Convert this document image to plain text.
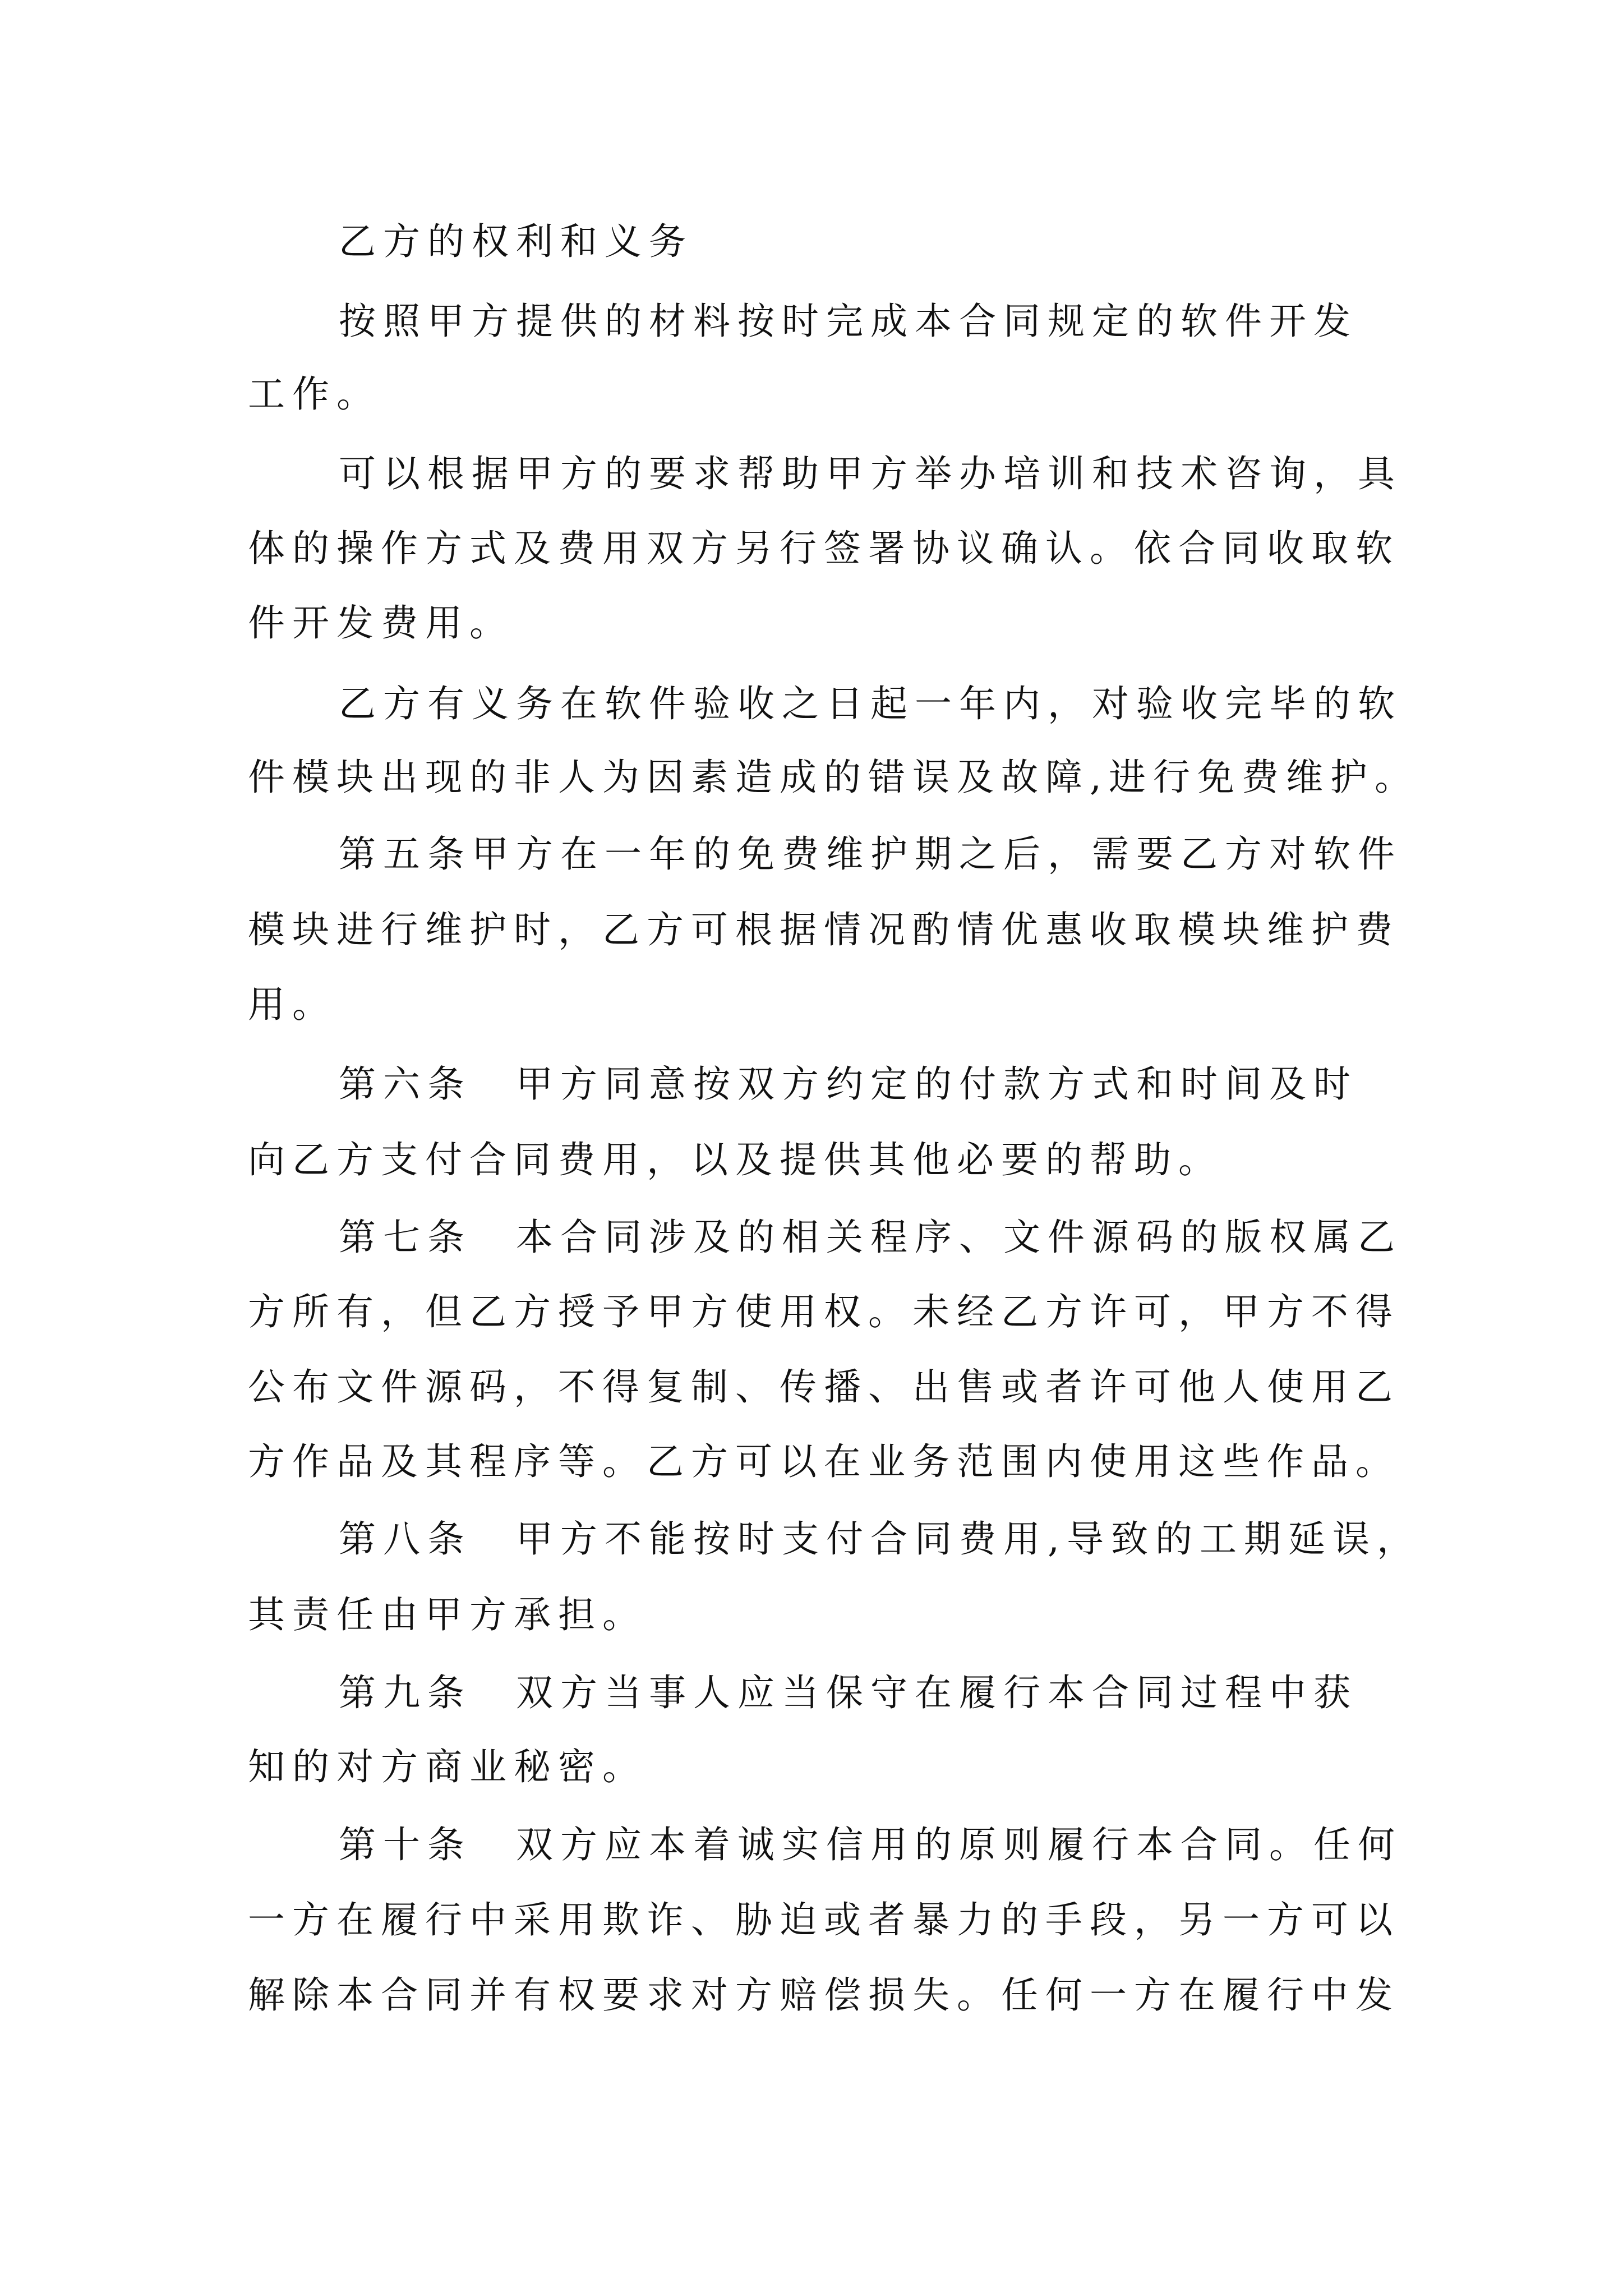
乙方的权利和义务
按照甲方提供的材料按时完成本合同规定的软件开发
工作。
可以根据甲方的要求帮助甲方举办培训和技术咨询，具
体的操作方式及费用双方另行签署协议确认。依合同收取软
件开发费用。
乙方有义务在软件验收之日起一年内，对验收完毕的软
件模块出现的非人为因素造成的错误及故障,进行免费维护。
第五条甲方在一年的免费维护期之后，需要乙方对软件
模块进行维护时，乙方可根据情况酌情优惠收取模块维护费
用。
第六条　甲方同意按双方约定的付款方式和时间及时
向乙方支付合同费用，以及提供其他必要的帮助。
第七条　本合同涉及的相关程序、文件源码的版权属乙
方所有，但乙方授予甲方使用权。未经乙方许可，甲方不得
公布文件源码，不得复制、传播、出售或者许可他人使用乙
方作品及其程序等。乙方可以在业务范围内使用这些作品。
第八条　甲方不能按时支付合同费用,导致的工期延误，
其责任由甲方承担。
第九条　双方当事人应当保守在履行本合同过程中获
知的对方商业秘密。
第十条　双方应本着诚实信用的原则履行本合同。任何
一方在履行中采用欺诈、胁迫或者暴力的手段，另一方可以
解除本合同并有权要求对方赔偿损失。任何一方在履行中发
